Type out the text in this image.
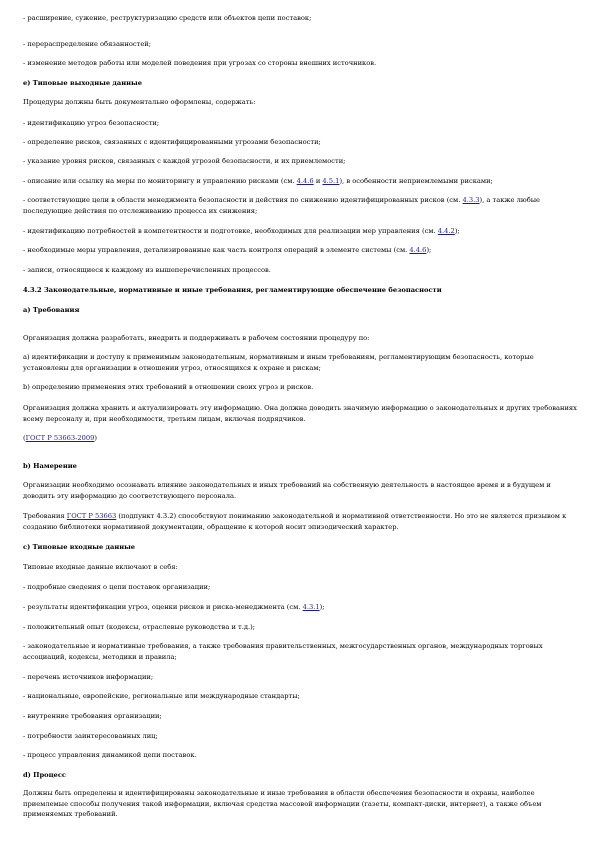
- расширение, сужение, реструктуризацию средств или объектов цепи поставок;
- перераспределение обязанностей;
- изменение методов работы или моделей поведения при угрозах со стороны внешних источников.
e) Типовые выходные данные
Процедуры должны быть документально оформлены, содержать:
- идентификацию угроз безопасности;
- определение рисков, связанных с идентифицированными угрозами безопасности;
- указание уровня рисков, связанных с каждой угрозой безопасности, и их приемлемости;
- описание или ссылку на меры по мониторингу и управлению рисками (см. 4.4.6 и 4.5.1), в особенности неприемлемыми рисками;
- соответствующие цели в области менеджмента безопасности и действия по снижению идентифицированных рисков (см. 4.3.3), а также любые последующие действия по отслеживанию процесса их снижения;
- идентификацию потребностей в компетентности и подготовке, необходимых для реализации мер управления (см. 4.4.2);
- необходимые меры управления, детализированные как часть контроля операций в элементе системы (см. 4.4.6);
- записи, относящиеся к каждому из вышеперечисленных процессов.
4.3.2 Законодательные, нормативные и иные требования, регламентирующие обеспечение безопасности
a) Требования
Организация должна разработать, внедрить и поддерживать в рабочем состоянии процедуру по:
a) идентификации и доступу к применимым законодательным, нормативным и иным требованиям, регламентирующим безопасность, которые установлены для организации в отношении угроз, относящихся к охране и рискам;
b) определению применения этих требований в отношении своих угроз и рисков.
Организация должна хранить и актуализировать эту информацию. Она должна доводить значимую информацию о законодательных и других требованиях всему персоналу и, при необходимости, третьим лицам, включая подрядчиков.
(ГОСТ Р 53663-2009)
b) Намерение
Организации необходимо осознавать влияние законодательных и иных требований на собственную деятельность в настоящее время и в будущем и доводить эту информацию до соответствующего персонала.
Требования ГОСТ Р 53663 (подпункт 4.3.2) способствуют пониманию законодательной и нормативной ответственности. Но это не является призывом к созданию библиотеки нормативной документации, обращение к которой носит эпизодический характер.
c) Типовые входные данные
Типовые входные данные включают в себя:
- подробные сведения о цепи поставок организации;
- результаты идентификации угроз, оценки рисков и риска-менеджмента (см. 4.3.1);
- положительный опыт (кодексы, отраслевые руководства и т.д.);
- законодательные и нормативные требования, а также требования правительственных, межгосударственных органов, международных торговых ассоциаций, кодексы, методики и правила;
- перечень источников информации;
- национальные, европейские, региональные или международные стандарты;
- внутренние требования организации;
- потребности заинтересованных лиц;
- процесс управления динамикой цепи поставок.
d) Процесс
Должны быть определены и идентифицированы законодательные и иные требования в области обеспечения безопасности и охраны, наиболее приемлемые способы получения такой информации, включая средства массовой информации (газеты, компакт-диски, интернет), а также объем применяемых требований.
